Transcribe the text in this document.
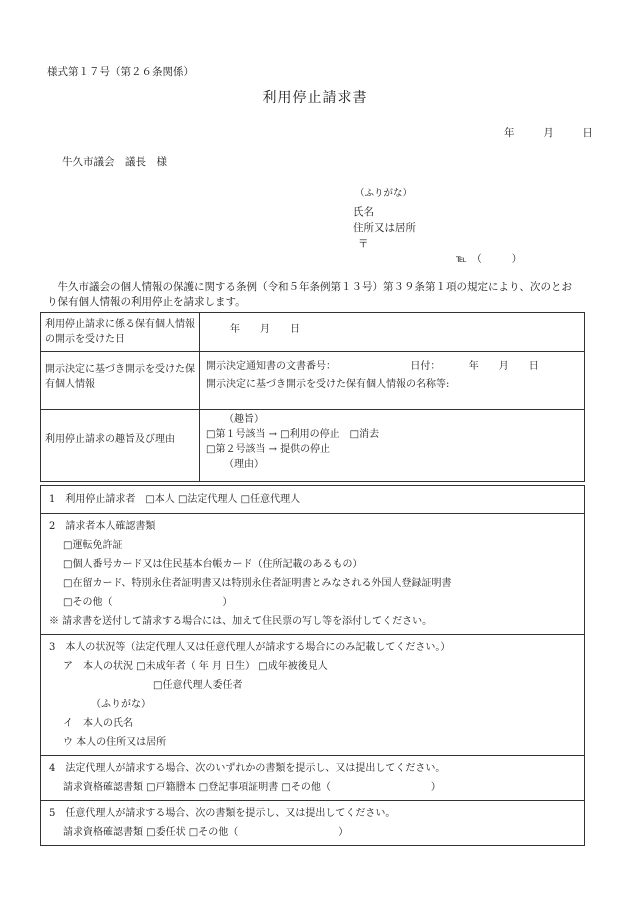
様式第１７号（第２６条関係）
利用停止請求書
年	月	日
牛久市議会　議長　様
（ふりがな）
氏名
住所又は居所
〒
℡　（　　　）
牛久市議会の個人情報の保護に関する条例（令和５年条例第１３号）第３９条第１項の規定により、次のとおり保有個人情報の利用停止を請求します。
利用停止請求に係る保有個人情報の開示を受けた日	年　　月　　日
開示決定に基づき開示を受けた保有個人情報	開示決定通知書の文書番号： 日付： 年　　月　　日
開示決定に基づき開示を受けた保有個人情報の名称等:

利用停止請求の趣旨及び理由	（趣旨）
□第１号該当 → □利用の停止　□消去
□第２号該当 → 提供の停止
（理由）
1　利用停止請求者　□本人 □法定代理人 □任意代理人

2　請求者本人確認書類
□運転免許証
□個人番号カード又は住民基本台帳カード（住所記載のあるもの）
□在留カード、特別永住者証明書又は特別永住者証明書とみなされる外国人登録証明書
□その他（　　　　　　　　　　　）
※ 請求書を送付して請求する場合には、加えて住民票の写し等を添付してください。

3　本人の状況等（法定代理人又は任意代理人が請求する場合にのみ記載してください。）
ア　本人の状況 □未成年者（ 年 月 日生） □成年被後見人
□任意代理人委任者
（ふりがな）
イ　本人の氏名
ウ 本人の住所又は居所

4　法定代理人が請求する場合、次のいずれかの書類を提示し、又は提出してください。
請求資格確認書類 □戸籍謄本 □登記事項証明書 □その他（　　　　　　　　　　）

5　任意代理人が請求する場合、次の書類を提示し、又は提出してください。
請求資格確認書類 □委任状 □その他（　　　　　　　　　　）
